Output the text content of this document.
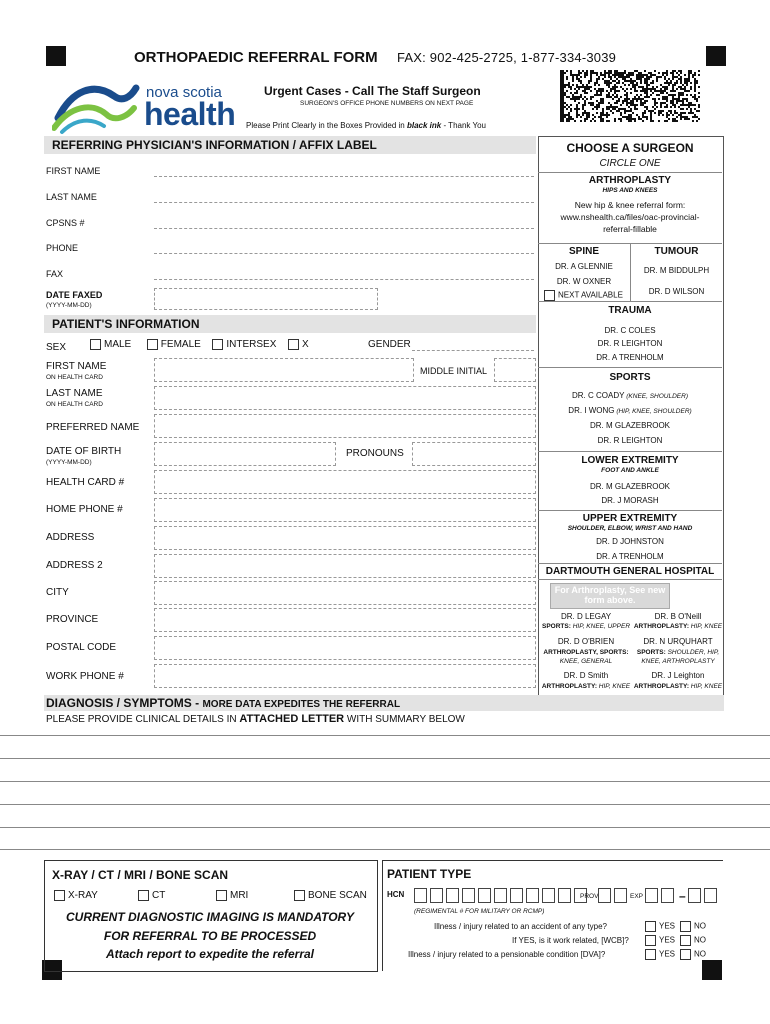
ORTHOPAEDIC REFERRAL FORM FAX: 902-425-2725, 1-877-334-3039
nova scotia
health
Urgent Cases - Call The Staff Surgeon
SURGEON'S OFFICE PHONE NUMBERS ON NEXT PAGE
Please Print Clearly in the Boxes Provided in black ink - Thank You
REFERRING PHYSICIAN'S INFORMATION / AFFIX LABEL
FIRST NAME
LAST NAME
CPSNS #
PHONE
FAX
DATE FAXED
(YYYY-MM-DD)
PATIENT'S INFORMATION
SEX	MALE	FEMALE	INTERSEX	X	GENDER
FIRST NAME
ON HEALTH CARD
MIDDLE INITIAL
LAST NAME
ON HEALTH CARD
PREFERRED NAME
DATE OF BIRTH
(YYYY-MM-DD)
PRONOUNS
HEALTH CARD #
HOME PHONE #
ADDRESS
ADDRESS 2
CITY
PROVINCE
POSTAL CODE
WORK PHONE #
CHOOSE A SURGEON
CIRCLE ONE
ARTHROPLASTY
HIPS AND KNEES
New hip & knee referral form: www.nshealth.ca/files/oac-provincial-referral-fillable
SPINE
DR. A GLENNIE
DR. W OXNER
NEXT AVAILABLE
TUMOUR
DR. M BIDDULPH
DR. D WILSON
TRAUMA
DR. C COLES
DR. R LEIGHTON
DR. A TRENHOLM
SPORTS
DR. C COADY (KNEE, SHOULDER)
DR. I WONG (HIP, KNEE, SHOULDER)
DR. M GLAZEBROOK
DR. R LEIGHTON
LOWER EXTREMITY
FOOT AND ANKLE
DR. M GLAZEBROOK
DR. J MORASH
UPPER EXTREMITY
SHOULDER, ELBOW, WRIST AND HAND
DR. D JOHNSTON
DR. A TRENHOLM
DARTMOUTH GENERAL HOSPITAL
For Arthroplasty, See new form above.
DR. D LEGAY
SPORTS: HIP, KNEE, UPPER
DR. B O'Neill
ARTHROPLASTY: HIP, KNEE
DR. D O'BRIEN
ARTHROPLASTY, SPORTS: KNEE, GENERAL
DR. N URQUHART
SPORTS: SHOULDER, HIP, KNEE, ARTHROPLASTY
DR. D Smith
ARTHROPLASTY: HIP, KNEE
DR. J Leighton
ARTHROPLASTY: HIP, KNEE
DIAGNOSIS / SYMPTOMS - MORE DATA EXPEDITES THE REFERRAL
PLEASE PROVIDE CLINICAL DETAILS IN ATTACHED LETTER WITH SUMMARY BELOW
X-RAY / CT / MRI / BONE SCAN
X-RAY	CT	MRI	BONE SCAN
CURRENT DIAGNOSTIC IMAGING IS MANDATORY
FOR REFERRAL TO BE PROCESSED
Attach report to expedite the referral
PATIENT TYPE
HCN	PROV	EXP	–
(REGIMENTAL # FOR MILITARY OR RCMP)
Illness / injury related to an accident of any type?	YES	NO
If YES, is it work related, [WCB]?	YES	NO
Illness / injury related to a pensionable condition [DVA]?	YES	NO
